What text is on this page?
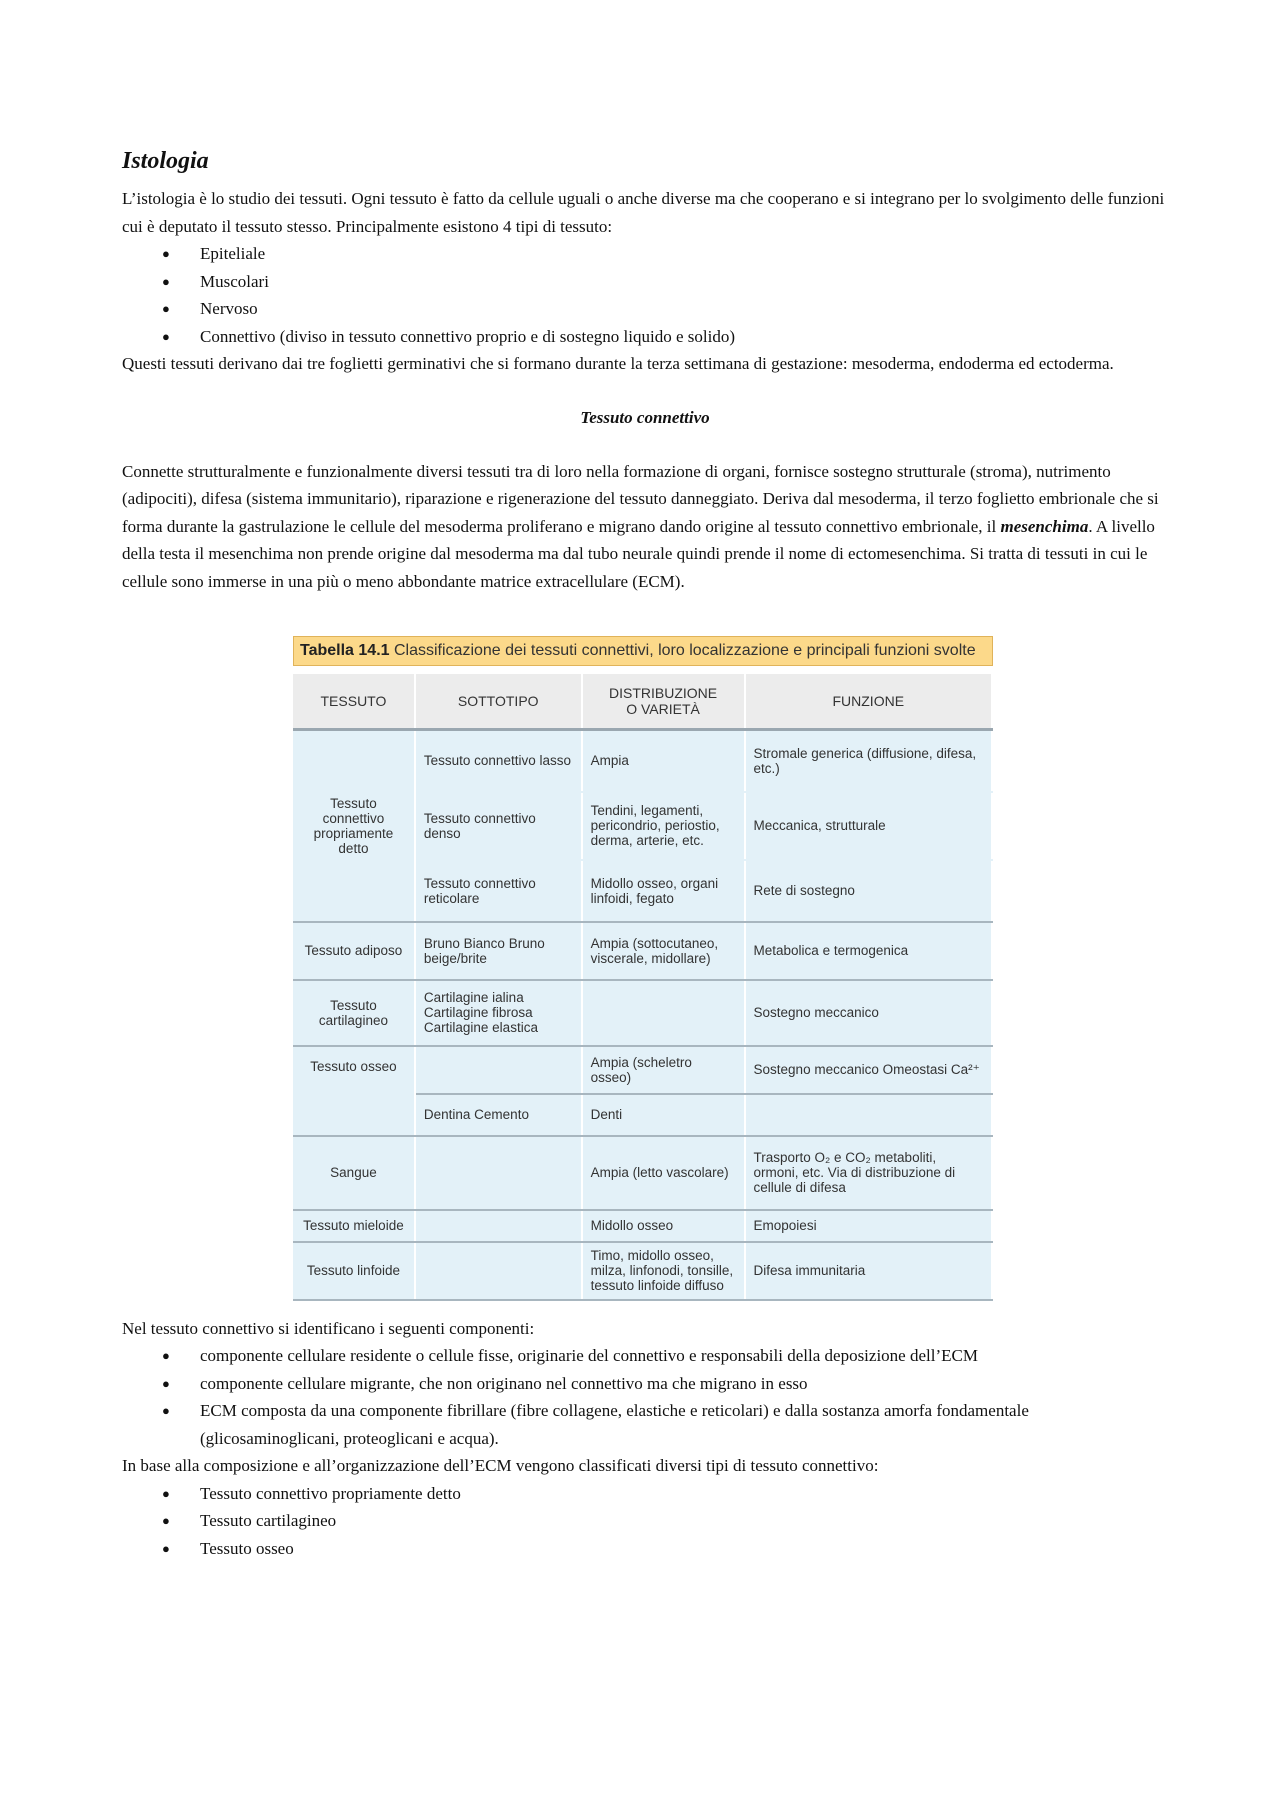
Istologia

L’istologia è lo studio dei tessuti. Ogni tessuto è fatto da cellule uguali o anche diverse ma che cooperano e si integrano per lo svolgimento delle funzioni cui è deputato il tessuto stesso. Principalmente esistono 4 tipi di tessuto:

● Epiteliale
● Muscolari
● Nervoso
● Connettivo (diviso in tessuto connettivo proprio e di sostegno liquido e solido)

Questi tessuti derivano dai tre foglietti germinativi che si formano durante la terza settimana di gestazione: mesoderma, endoderma ed ectoderma.

Tessuto connettivo

Connette strutturalmente e funzionalmente diversi tessuti tra di loro nella formazione di organi, fornisce sostegno strutturale (stroma), nutrimento (adipociti), difesa (sistema immunitario), riparazione e rigenerazione del tessuto danneggiato. Deriva dal mesoderma, il terzo foglietto embrionale che si forma durante la gastrulazione le cellule del mesoderma proliferano e migrano dando origine al tessuto connettivo embrionale, il mesenchima. A livello della testa il mesenchima non prende origine dal mesoderma ma dal tubo neurale quindi prende il nome di ectomesenchima. Si tratta di tessuti in cui le cellule sono immerse in una più o meno abbondante matrice extracellulare (ECM).

Tabella 14.1 Classificazione dei tessuti connettivi, loro localizzazione e principali funzioni svolte
TESSUTO	SOTTOTIPO	DISTRIBUZIONE O VARIETÀ	FUNZIONE
Tessuto connettivo propriamente detto	Tessuto connettivo lasso	Ampia	Stromale generica (diffusione, difesa, etc.)
	Tessuto connettivo denso	Tendini, legamenti, pericondrio, periostio, derma, arterie, etc.	Meccanica, strutturale
	Tessuto connettivo reticolare	Midollo osseo, organi linfoidi, fegato	Rete di sostegno
Tessuto adiposo	Bruno Bianco Bruno beige/brite	Ampia (sottocutaneo, viscerale, midollare)	Metabolica e termogenica
Tessuto cartilagineo	Cartilagine ialina Cartilagine fibrosa Cartilagine elastica		Sostegno meccanico
Tessuto osseo		Ampia (scheletro osseo)	Sostegno meccanico Omeostasi Ca²⁺
	Dentina Cemento	Denti	
Sangue		Ampia (letto vascolare)	Trasporto O₂ e CO₂ metaboliti, ormoni, etc. Via di distribuzione di cellule di difesa
Tessuto mieloide		Midollo osseo	Emopoiesi
Tessuto linfoide		Timo, midollo osseo, milza, linfonodi, tonsille, tessuto linfoide diffuso	Difesa immunitaria

Nel tessuto connettivo si identificano i seguenti componenti:

● componente cellulare residente o cellule fisse, originarie del connettivo e responsabili della deposizione dell’ECM
● componente cellulare migrante, che non originano nel connettivo ma che migrano in esso
● ECM composta da una componente fibrillare (fibre collagene, elastiche e reticolari) e dalla sostanza amorfa fondamentale (glicosaminoglicani, proteoglicani e acqua).

In base alla composizione e all’organizzazione dell’ECM vengono classificati diversi tipi di tessuto connettivo:

● Tessuto connettivo propriamente detto
● Tessuto cartilagineo
● Tessuto osseo
